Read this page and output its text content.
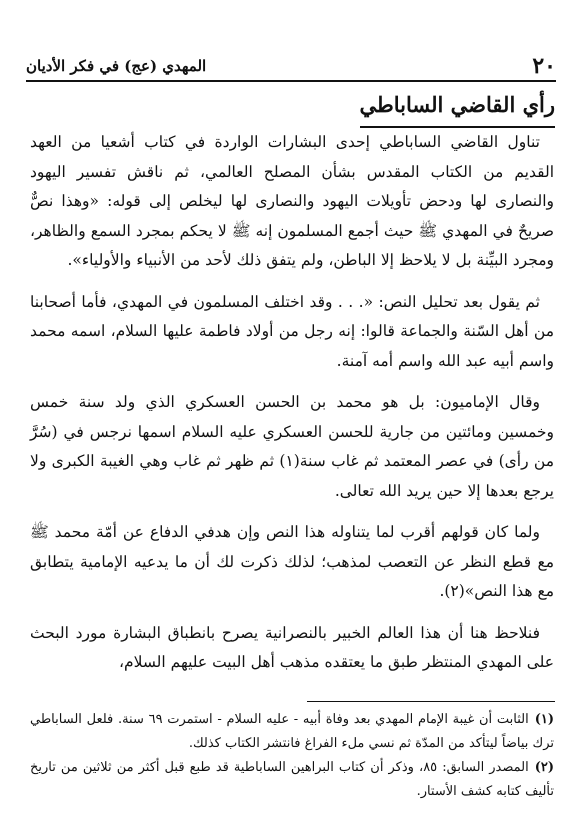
٢٠
المهدي (عج) في فكر الأديان
رأي القاضي الساباطي

تناول القاضي الساباطي إحدى البشارات الواردة في كتاب أشعيا من العهد القديم من الكتاب المقدس بشأن المصلح العالمي، ثم ناقش تفسير اليهود والنصارى لها ودحض تأويلات اليهود والنصارى لها ليخلص إلى قوله: «وهذا نصٌّ صريحٌ في المهدي ﷺ حيث أجمع المسلمون إنه ﷺ لا يحكم بمجرد السمع والظاهر، ومجرد البيِّنة بل لا يلاحظ إلا الباطن، ولم يتفق ذلك لأحد من الأنبياء والأولياء».

ثم يقول بعد تحليل النص: «. . . وقد اختلف المسلمون في المهدي، فأما أصحابنا من أهل السّنة والجماعة قالوا: إنه رجل من أولاد فاطمة عليها السلام، اسمه محمد واسم أبيه عبد الله واسم أمه آمنة.

وقال الإماميون: بل هو محمد بن الحسن العسكري الذي ولد سنة خمس وخمسين ومائتين من جارية للحسن العسكري عليه السلام اسمها نرجس في (سُرَّ من رأى) في عصر المعتمد ثم غاب سنة(١) ثم ظهر ثم غاب وهي الغيبة الكبرى ولا يرجع بعدها إلا حين يريد الله تعالى.

ولما كان قولهم أقرب لما يتناوله هذا النص وإن هدفي الدفاع عن أمّة محمد ﷺ مع قطع النظر عن التعصب لمذهب؛ لذلك ذكرت لك أن ما يدعيه الإمامية يتطابق مع هذا النص»(٢).

فنلاحظ هنا أن هذا العالم الخبير بالنصرانية يصرح بانطباق البشارة مورد البحث على المهدي المنتظر طبق ما يعتقده مذهب أهل البيت عليهم السلام،

(١)الثابت أن غيبة الإمام المهدي بعد وفاة أبيه - عليه السلام - استمرت ٦٩ سنة. فلعل الساباطي ترك بياضاً ليتأكد من المدّة ثم نسي ملء الفراغ فانتشر الكتاب كذلك.

(٢)المصدر السابق: ٨٥، وذكر أن كتاب البراهين الساباطية قد طبع قبل أكثر من ثلاثين من تاريخ تأليف كتابه كشف الأستار.
